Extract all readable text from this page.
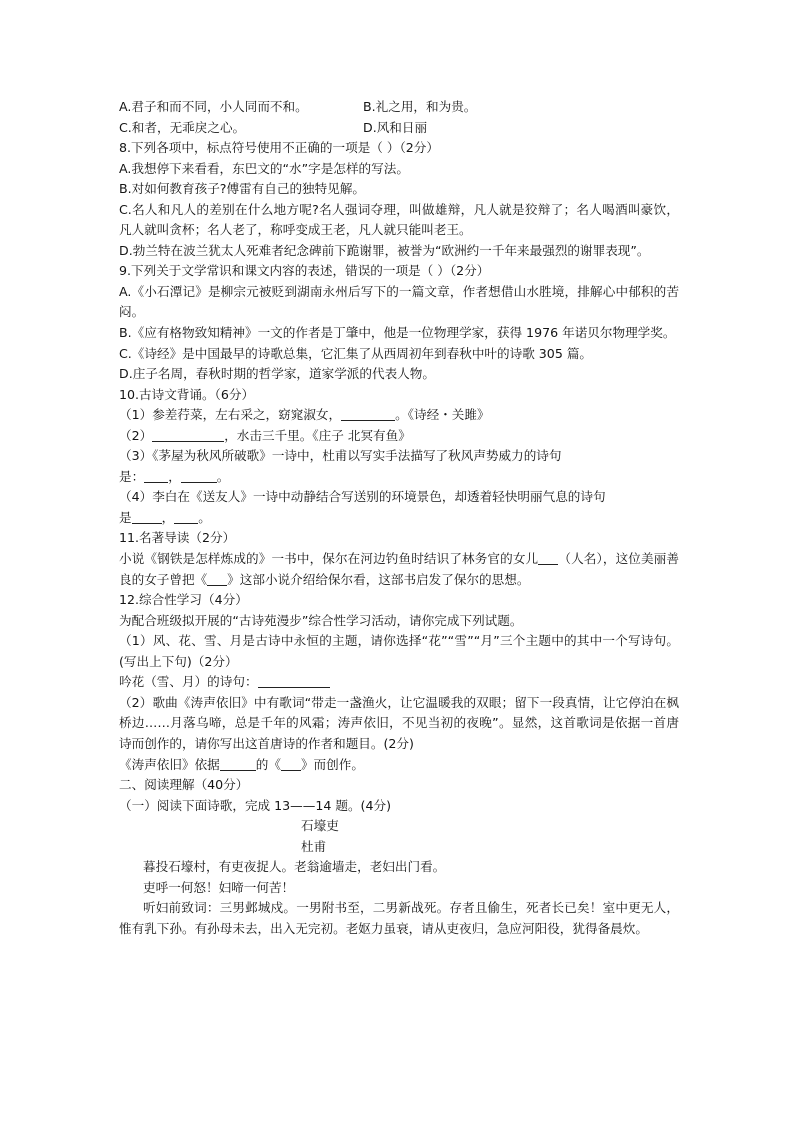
A.君子和而不同，小人同而不和。	B.礼之用，和为贵。
C.和者，无乖戾之心。	D.风和日丽
8.下列各项中，标点符号使用不正确的一项是（ ）（2分）
A.我想停下来看看，东巴文的“水”字是怎样的写法。
B.对如何教育孩子?傅雷有自己的独特见解。
C.名人和凡人的差别在什么地方呢?名人强词夺理，叫做雄辩，凡人就是狡辩了；名人喝酒叫豪饮，凡人就叫贪杯；名人老了，称呼变成王老，凡人就只能叫老王。
D.勃兰特在波兰犹太人死难者纪念碑前下跪谢罪，被誉为“欧洲约一千年来最强烈的谢罪表现”。
9.下列关于文学常识和课文内容的表述，错误的一项是（ ）（2分）
A.《小石潭记》是柳宗元被贬到湖南永州后写下的一篇文章，作者想借山水胜境，排解心中郁积的苦闷。
B.《应有格物致知精神》一文的作者是丁肇中，他是一位物理学家，获得 1976 年诺贝尔物理学奖。
C.《诗经》是中国最早的诗歌总集，它汇集了从西周初年到春秋中叶的诗歌 305 篇。
D.庄子名周，春秋时期的哲学家，道家学派的代表人物。
10.古诗文背诵。（6分）
（1）参差荇菜，左右采之，窈窕淑女，	。《诗经・关雎》
（2）	，水击三千里。《庄子 北冥有鱼》
（3）《茅屋为秋风所破歌》一诗中，杜甫以写实手法描写了秋风声势威力的诗句
是： ，	。
（4）李白在《送友人》一诗中动静结合写送别的环境景色，却透着轻快明丽气息的诗句
是 ， 。
11.名著导读（2分）
小说《钢铁是怎样炼成的》一书中，保尔在河边钓鱼时结识了林务官的女儿 （人名），这位美丽善良的女子曾把《 》这部小说介绍给保尔看，这部书启发了保尔的思想。
12.综合性学习（4分）
为配合班级拟开展的“古诗苑漫步”综合性学习活动，请你完成下列试题。
（1）风、花、雪、月是古诗中永恒的主题，请你选择“花”“雪”“月”三个主题中的其中一个写诗句。(写出上下句)（2分）
吟花（雪、月）的诗句：
（2）歌曲《涛声依旧》中有歌词“带走一盏渔火，让它温暖我的双眼；留下一段真情，让它停泊在枫桥边……月落乌啼，总是千年的风霜；涛声依旧，不见当初的夜晚”。显然，这首歌词是依据一首唐诗而创作的，请你写出这首唐诗的作者和题目。(2分)
《涛声依旧》依据	的《 》而创作。
二、阅读理解（40分）
（一）阅读下面诗歌，完成 13——14 题。(4分)
石壕吏
杜甫
暮投石壕村，有吏夜捉人。老翁逾墙走，老妇出门看。
吏呼一何怒！妇啼一何苦！
听妇前致词：三男邺城戍。一男附书至，二男新战死。存者且偷生，死者长已矣！室中更无人，惟有乳下孙。有孙母未去，出入无完初。老妪力虽衰，请从吏夜归，急应河阳役，犹得备晨炊。
